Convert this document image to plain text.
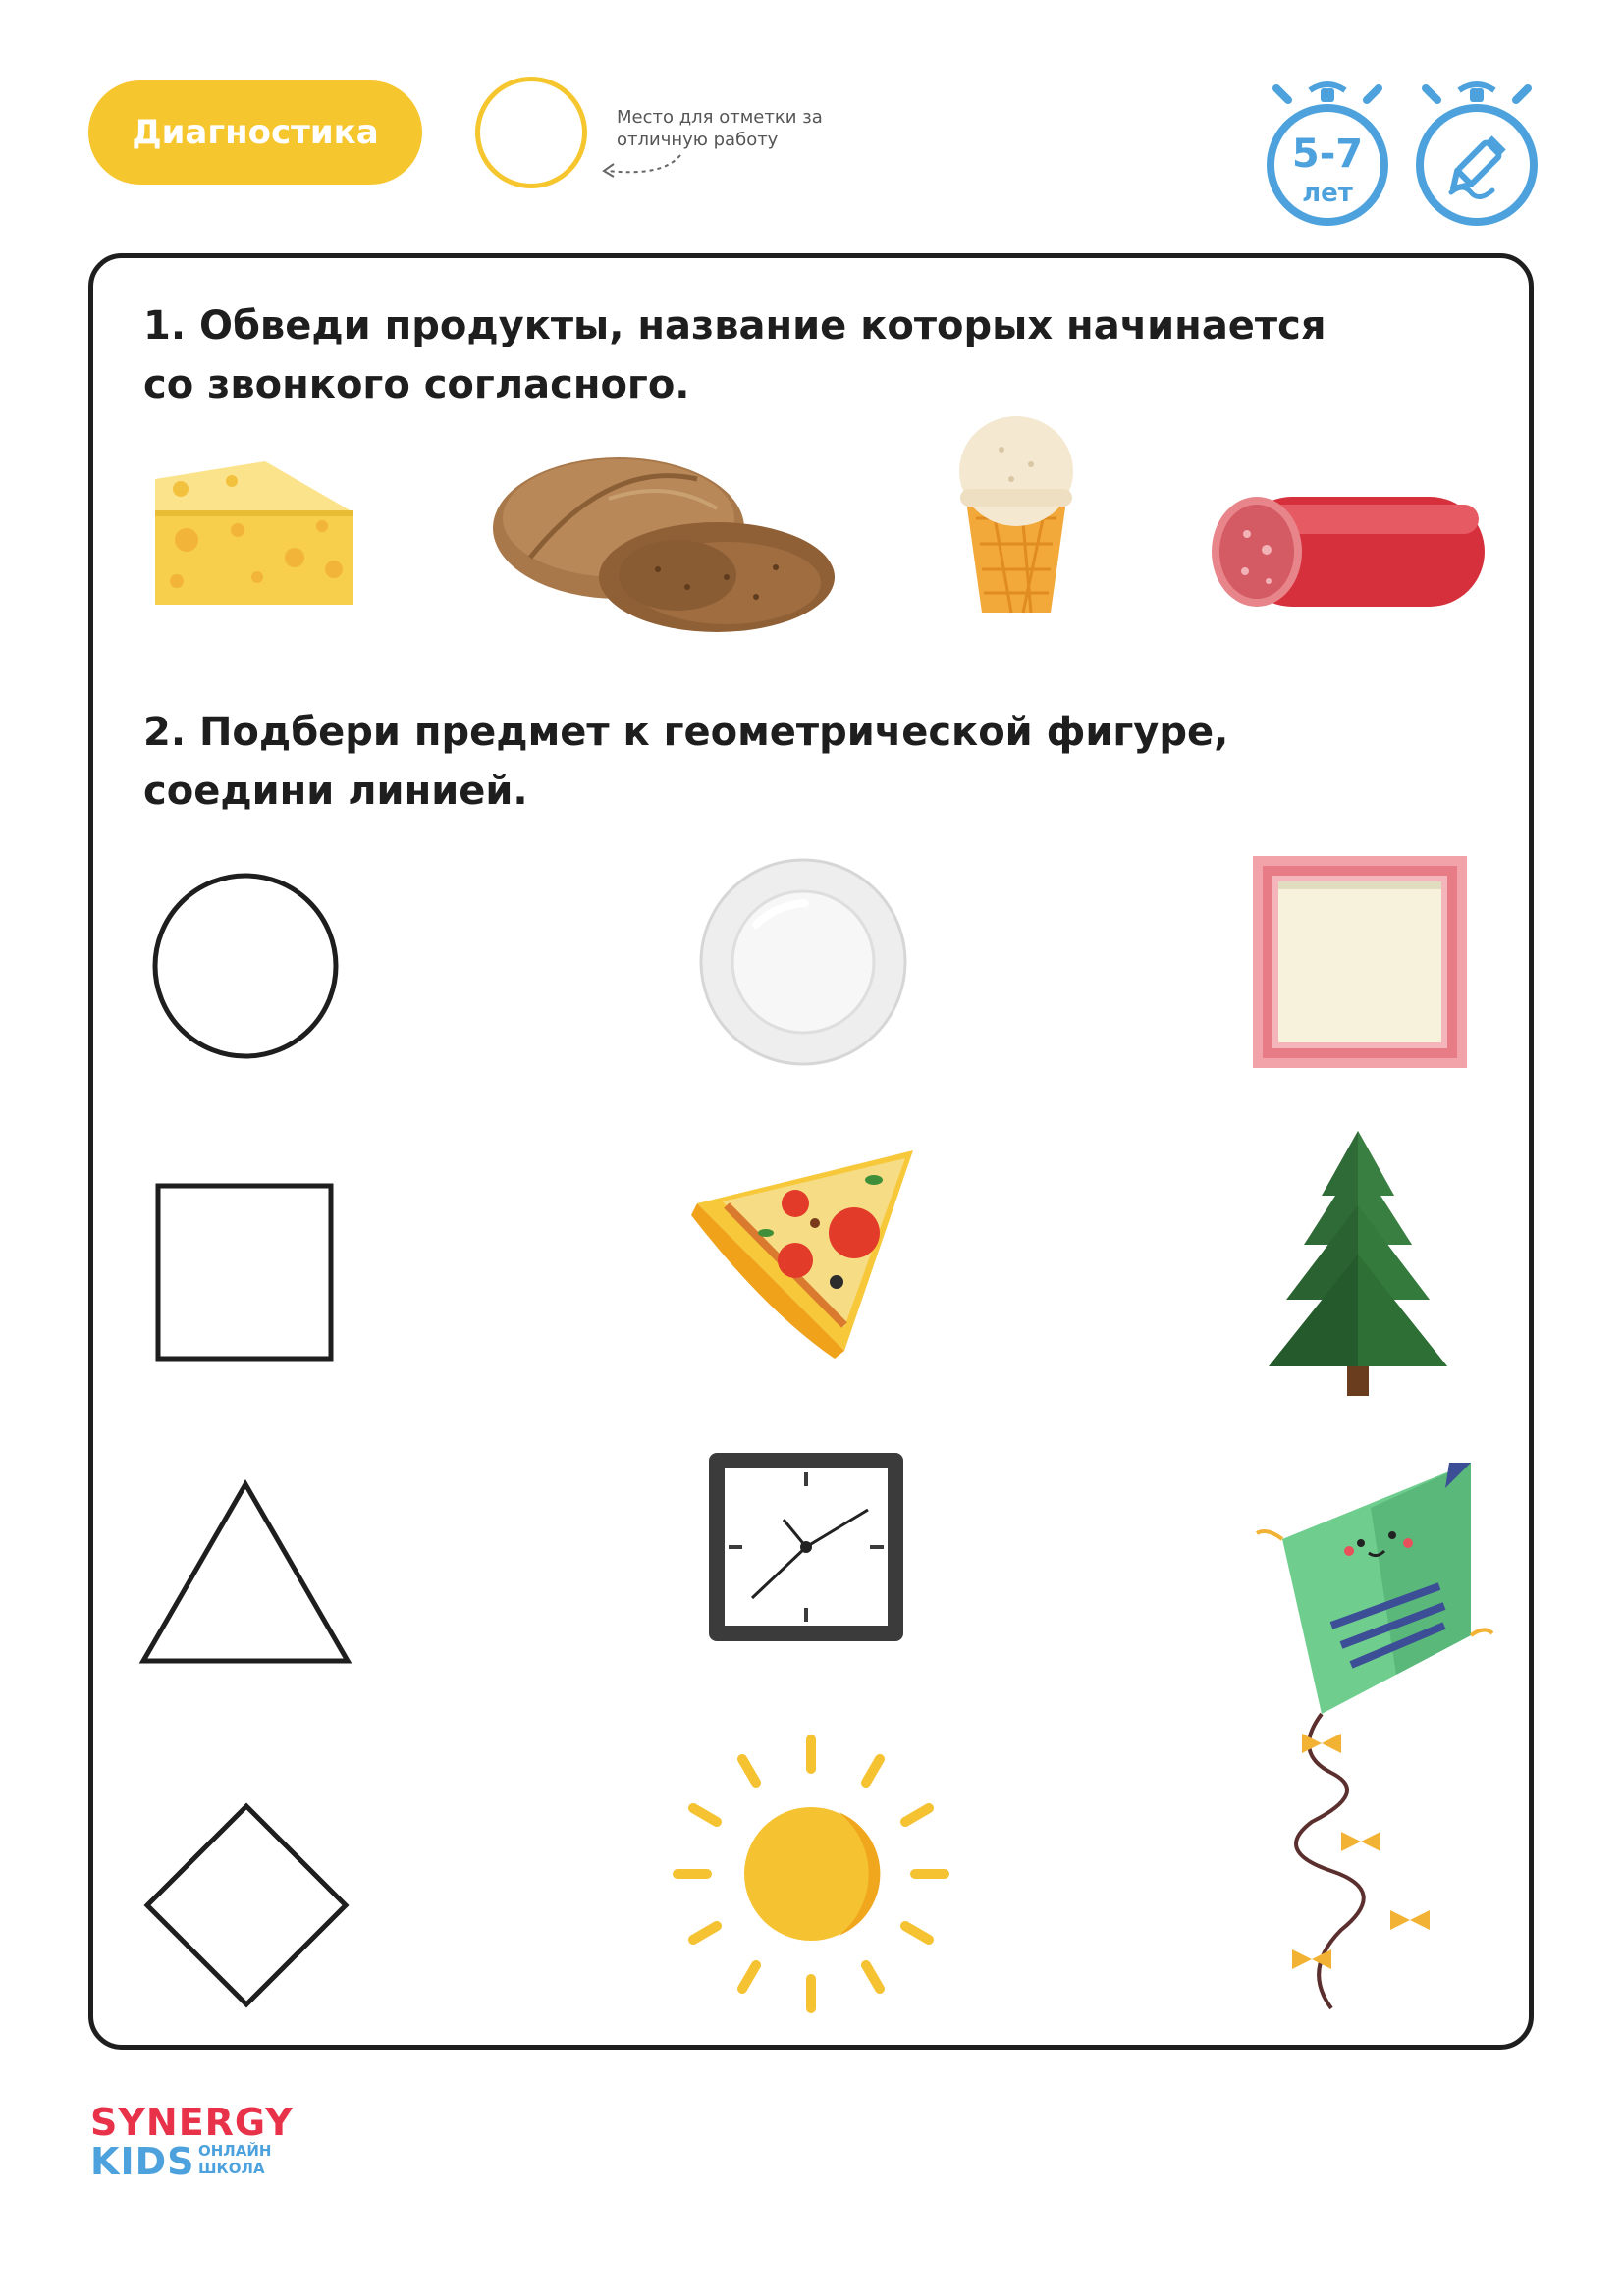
Диагностика	Место для отметки за отличную работу	5-7
лет
1. Обведи продукты, название которых начинается
со звонкого согласного.
2. Подбери предмет к геометрической фигуре,
соедини линией.
SYNERGY
KIDS ОНЛАЙН
ШКОЛА
